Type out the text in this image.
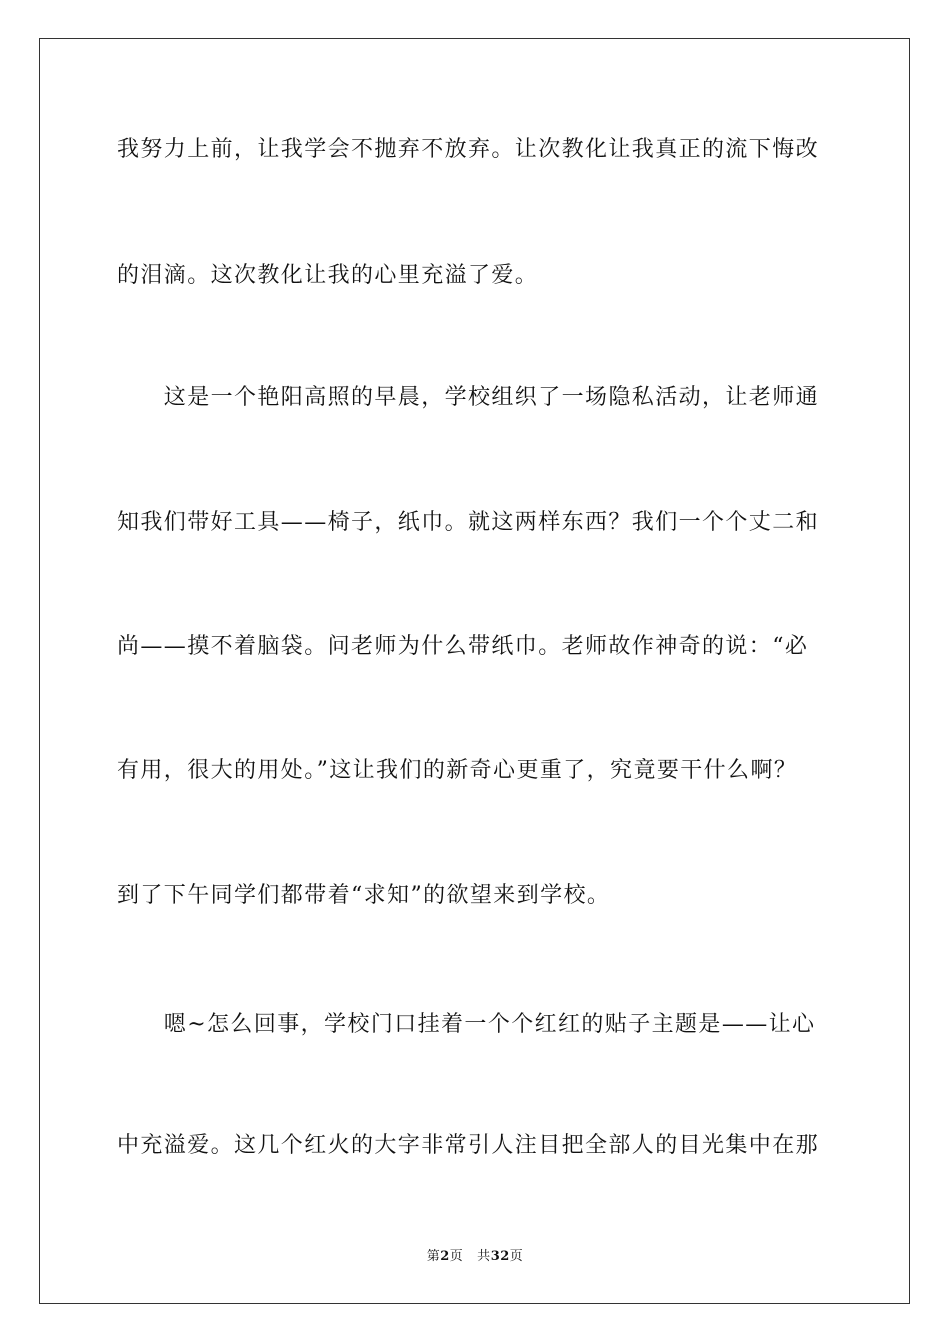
我努力上前，让我学会不抛弃不放弃。让次教化让我真正的流下悔改
的泪滴。这次教化让我的心里充溢了爱。
　　这是一个艳阳高照的早晨，学校组织了一场隐私活动，让老师通
知我们带好工具——椅子，纸巾。就这两样东西？我们一个个丈二和
尚——摸不着脑袋。问老师为什么带纸巾。老师故作神奇的说：“必
有用，很大的用处。”这让我们的新奇心更重了，究竟要干什么啊？
到了下午同学们都带着“求知”的欲望来到学校。
　　嗯~怎么回事，学校门口挂着一个个红红的贴子主题是——让心
中充溢爱。这几个红火的大字非常引人注目把全部人的目光集中在那
第2页 共32页
